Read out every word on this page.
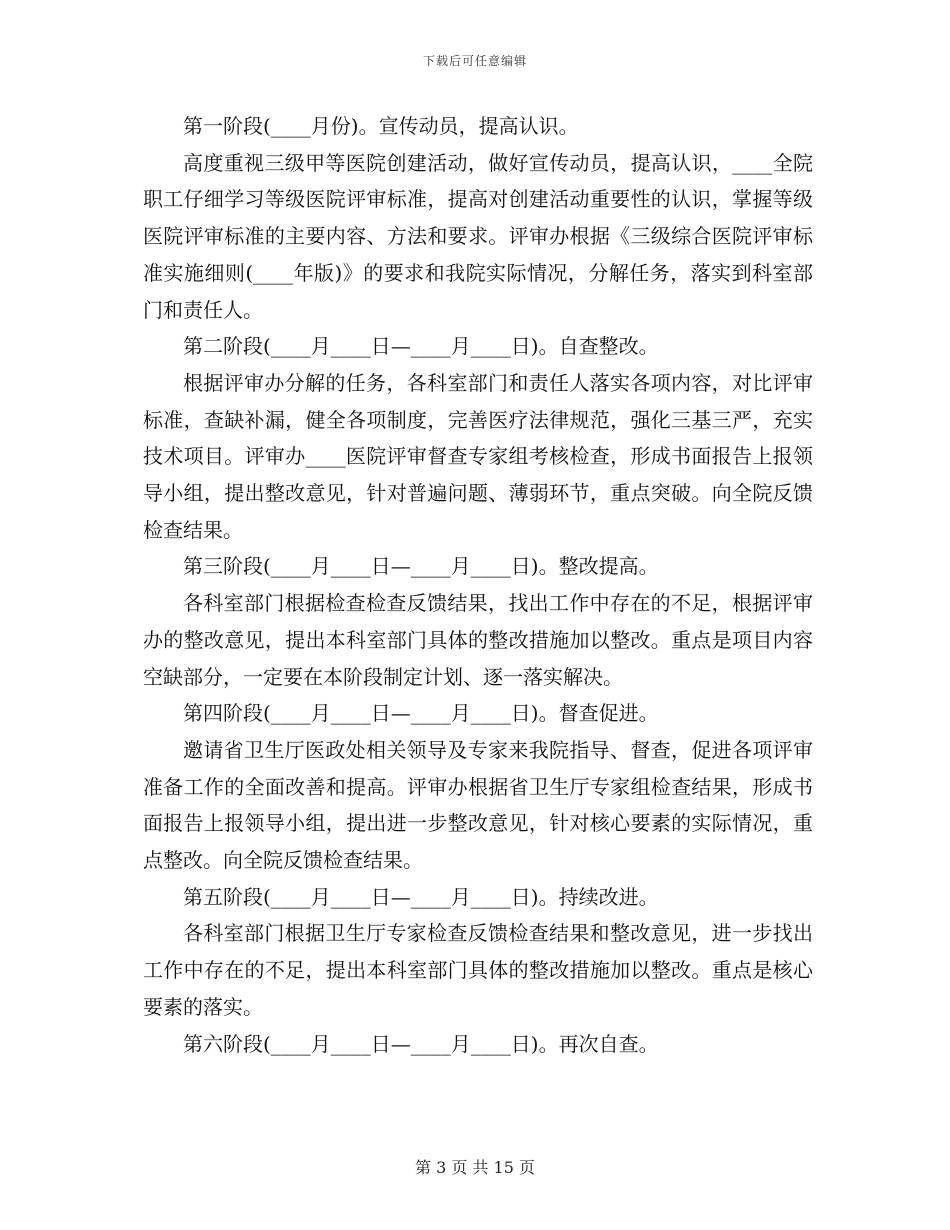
下载后可任意编辑

第一阶段(____月份)。宣传动员，提高认识。

高度重视三级甲等医院创建活动，做好宣传动员，提高认识，____全院职工仔细学习等级医院评审标准，提高对创建活动重要性的认识，掌握等级医院评审标准的主要内容、方法和要求。评审办根据《三级综合医院评审标准实施细则(____年版)》的要求和我院实际情况，分解任务，落实到科室部门和责任人。

第二阶段(____月____日—____月____日)。自查整改。

根据评审办分解的任务，各科室部门和责任人落实各项内容，对比评审标准，查缺补漏，健全各项制度，完善医疗法律规范，强化三基三严，充实技术项目。评审办____医院评审督查专家组考核检查，形成书面报告上报领导小组，提出整改意见，针对普遍问题、薄弱环节，重点突破。向全院反馈检查结果。

第三阶段(____月____日—____月____日)。整改提高。

各科室部门根据检查检查反馈结果，找出工作中存在的不足，根据评审办的整改意见，提出本科室部门具体的整改措施加以整改。重点是项目内容空缺部分，一定要在本阶段制定计划、逐一落实解决。

第四阶段(____月____日—____月____日)。督查促进。

邀请省卫生厅医政处相关领导及专家来我院指导、督查，促进各项评审准备工作的全面改善和提高。评审办根据省卫生厅专家组检查结果，形成书面报告上报领导小组，提出进一步整改意见，针对核心要素的实际情况，重点整改。向全院反馈检查结果。

第五阶段(____月____日—____月____日)。持续改进。

各科室部门根据卫生厅专家检查反馈检查结果和整改意见，进一步找出工作中存在的不足，提出本科室部门具体的整改措施加以整改。重点是核心要素的落实。

第六阶段(____月____日—____月____日)。再次自查。

第 3 页 共 15 页
